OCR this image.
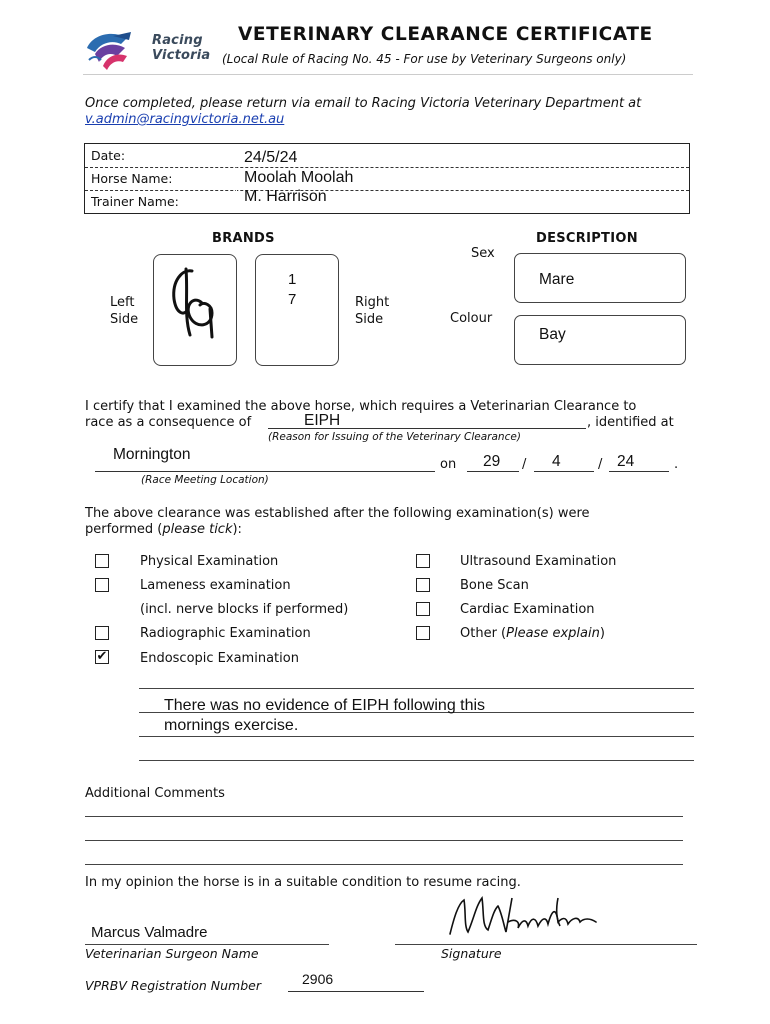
Racing
Victoria
VETERINARY CLEARANCE CERTIFICATE
(Local Rule of Racing No. 45 - For use by Veterinary Surgeons only)
Once completed, please return via email to Racing Victoria Veterinary Department at
v.admin@racingvictoria.net.au
Date:	24/5/24
Horse Name:	Moolah Moolah
Trainer Name:	M. Harrison
BRANDS
Left
Side
1
7	Right
Side
DESCRIPTION
Sex
Mare
Colour
Bay
I certify that I examined the above horse, which requires a Veterinarian Clearance to
race as a consequence of	EIPH	, identified at
(Reason for Issuing of the Veterinary Clearance)
Mornington
on 29 / 4	/ 24	.
(Race Meeting Location)
The above clearance was established after the following examination(s) were
performed (please tick):
Physical Examination
Lameness examination
(incl. nerve blocks if performed)
Radiographic Examination
✔	Endoscopic Examination
Ultrasound Examination
Bone Scan
Cardiac Examination
Other (Please explain)
There was no evidence of EIPH following this
mornings exercise.
Additional Comments
In my opinion the horse is in a suitable condition to resume racing.
Marcus Valmadre
Veterinarian Surgeon Name	Signature
VPRBV Registration Number	2906
